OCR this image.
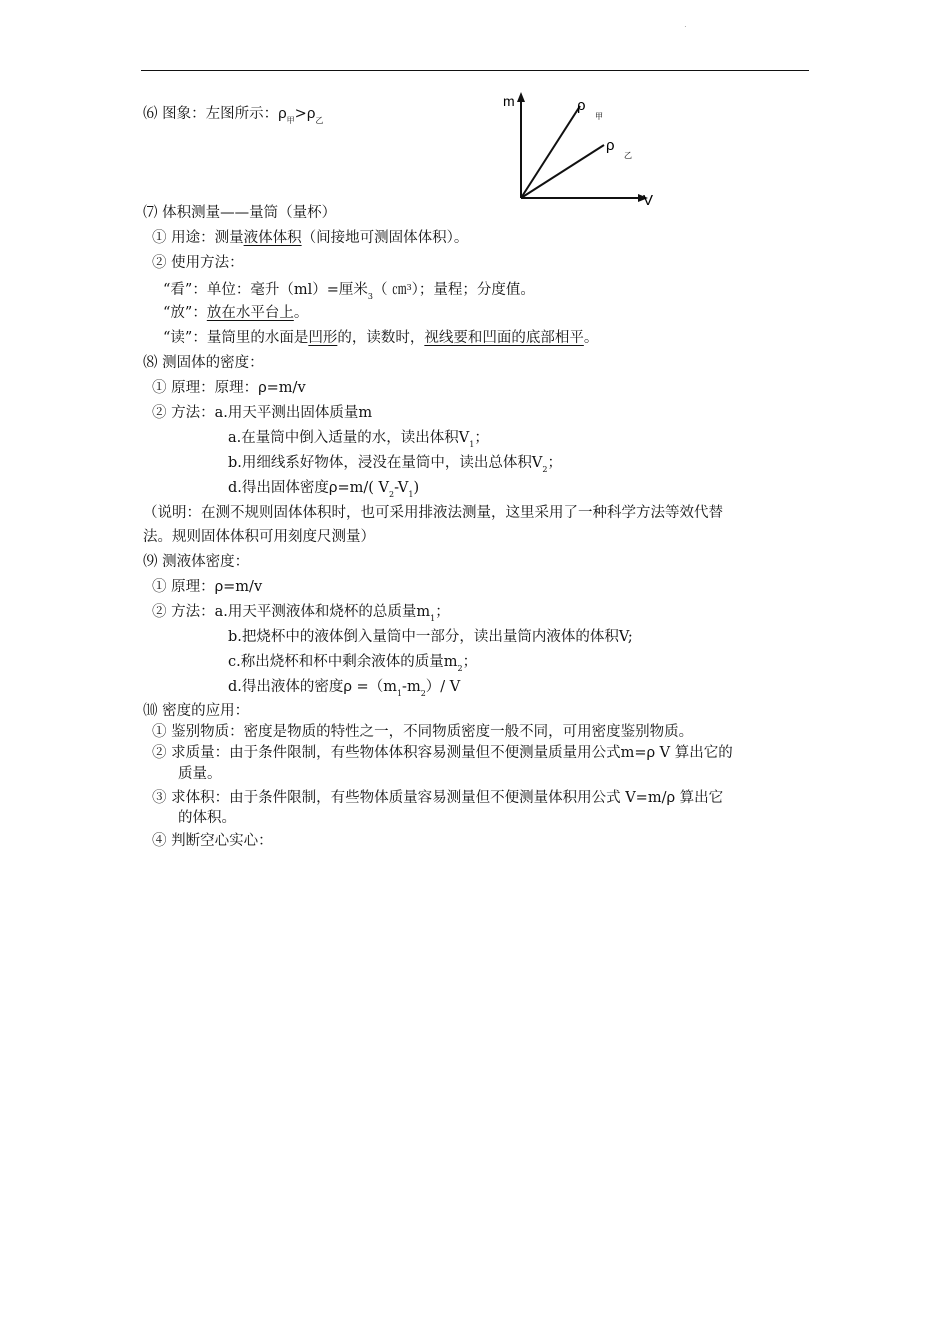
·
⑹ 图象：左图所示：$\rho_甲>\rho_乙$
m
V
ρ
甲
ρ
乙
⑺ 体积测量——量筒（量杯）
① 用途：测量液体体积（间接地可测固体体积）。
② 使用方法：
“看”：单位：毫升（ml）=厘米$_3$（ ㎝$^3$）；量程；分度值。
“放”：放在水平台上。
“读”：量筒里的水面是凹形的，读数时，视线要和凹面的底部相平。
⑻ 测固体的密度：
① 原理：原理：ρ=m/v
② 方法：a.用天平测出固体质量m
a.在量筒中倒入适量的水，读出体积$V_1$；
b.用细线系好物体，浸没在量筒中，读出总体积$V_2$；
d.得出固体密度ρ=m/( $V_2-V_1$)
（说明：在测不规则固体体积时，也可采用排液法测量，这里采用了一种科学方法等效代替
法。规则固体体积可用刻度尺测量）
⑼ 测液体密度：
① 原理：ρ=m/v
② 方法：a.用天平测液体和烧杯的总质量$m_1$；
b.把烧杯中的液体倒入量筒中一部分，读出量筒内液体的体积V;
c.称出烧杯和杯中剩余液体的质量$m_2$；
d.得出液体的密度$\rho =(m_1-m_2)/$ V
⑽ 密度的应用：
① 鉴别物质：密度是物质的特性之一，不同物质密度一般不同，可用密度鉴别物质。
② 求质量：由于条件限制，有些物体体积容易测量但不便测量质量用公式m=ρ V 算出它的
质量。
③ 求体积：由于条件限制，有些物体质量容易测量但不便测量体积用公式 V=m/ρ 算出它
的体积。
④ 判断空心实心：
